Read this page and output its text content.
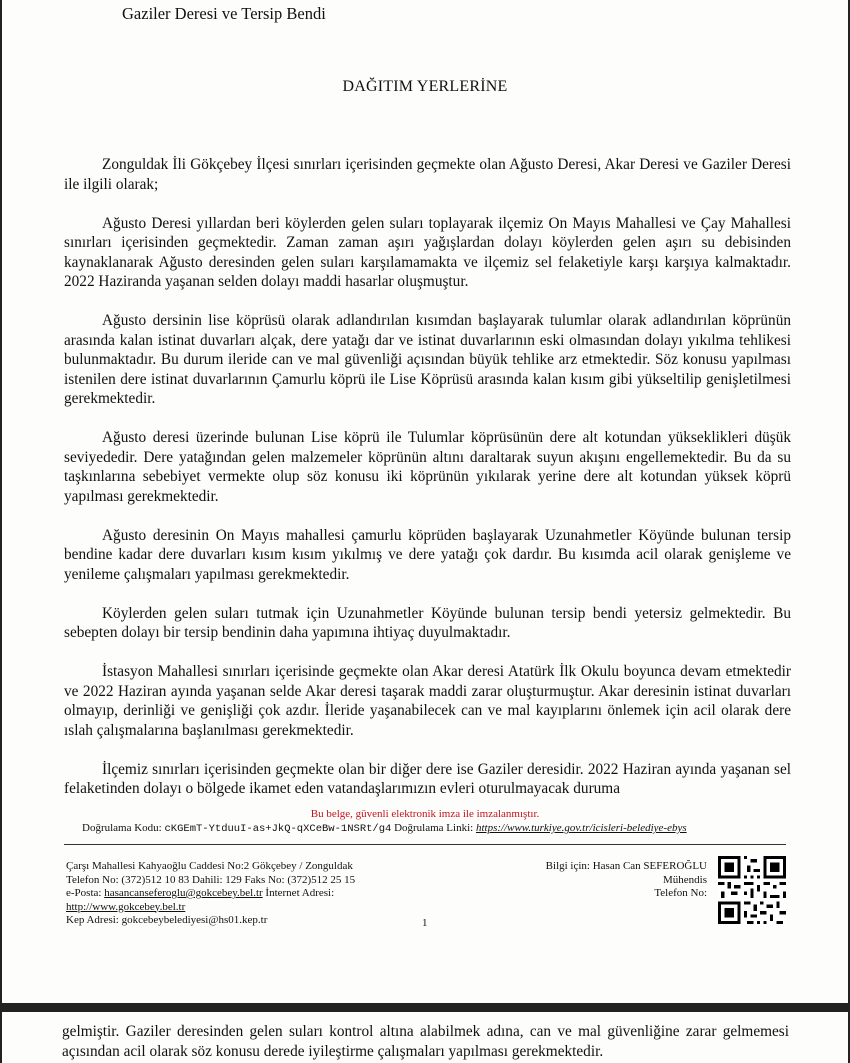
Gaziler Deresi ve Tersip Bendi
DAĞITIM YERLERİNE

Zonguldak İli Gökçebey İlçesi sınırları içerisinden geçmekte olan Ağusto Deresi, Akar Deresi ve Gaziler Deresi ile ilgili olarak;

Ağusto Deresi yıllardan beri köylerden gelen suları toplayarak ilçemiz On Mayıs Mahallesi ve Çay Mahallesi sınırları içerisinden geçmektedir. Zaman zaman aşırı yağışlardan dolayı köylerden gelen aşırı su debisinden kaynaklanarak Ağusto deresinden gelen suları karşılamamakta ve ilçemiz sel felaketiyle karşı karşıya kalmaktadır. 2022 Haziranda yaşanan selden dolayı maddi hasarlar oluşmuştur.

Ağusto dersinin lise köprüsü olarak adlandırılan kısımdan başlayarak tulumlar olarak adlandırılan köprünün arasında kalan istinat duvarları alçak, dere yatağı dar ve istinat duvarlarının eski olmasından dolayı yıkılma tehlikesi bulunmaktadır. Bu durum ileride can ve mal güvenliği açısından büyük tehlike arz etmektedir. Söz konusu yapılması istenilen dere istinat duvarlarının Çamurlu köprü ile Lise Köprüsü arasında kalan kısım gibi yükseltilip genişletilmesi gerekmektedir.

Ağusto deresi üzerinde bulunan Lise köprü ile Tulumlar köprüsünün dere alt kotundan yükseklikleri düşük seviyededir. Dere yatağından gelen malzemeler köprünün altını daraltarak suyun akışını engellemektedir. Bu da su taşkınlarına sebebiyet vermekte olup söz konusu iki köprünün yıkılarak yerine dere alt kotundan yüksek köprü yapılması gerekmektedir.

Ağusto deresinin On Mayıs mahallesi çamurlu köprüden başlayarak Uzunahmetler Köyünde bulunan tersip bendine kadar dere duvarları kısım kısım yıkılmış ve dere yatağı çok dardır. Bu kısımda acil olarak genişleme ve yenileme çalışmaları yapılması gerekmektedir.

Köylerden gelen suları tutmak için Uzunahmetler Köyünde bulunan tersip bendi yetersiz gelmektedir. Bu sebepten dolayı bir tersip bendinin daha yapımına ihtiyaç duyulmaktadır.

İstasyon Mahallesi sınırları içerisinde geçmekte olan Akar deresi Atatürk İlk Okulu boyunca devam etmektedir ve 2022 Haziran ayında yaşanan selde Akar deresi taşarak maddi zarar oluşturmuştur. Akar deresinin istinat duvarları olmayıp, derinliği ve genişliği çok azdır. İleride yaşanabilecek can ve mal kayıplarını önlemek için acil olarak dere ıslah çalışmalarına başlanılması gerekmektedir.

İlçemiz sınırları içerisinden geçmekte olan bir diğer dere ise Gaziler deresidir. 2022 Haziran ayında yaşanan sel felaketinden dolayı o bölgede ikamet eden vatandaşlarımızın evleri oturulmayacak duruma

Bu belge, güvenli elektronik imza ile imzalanmıştır.
Doğrulama Kodu: cKGEmT-YtduuI-as+JkQ-qXCeBw-1NSRt/g4 Doğrulama Linki: https://www.turkiye.gov.tr/icisleri-belediye-ebys
Çarşı Mahallesi Kahyaoğlu Caddesi No:2 Gökçebey / Zonguldak
Telefon No: (372)512 10 83 Dahili: 129 Faks No: (372)512 25 15
e-Posta: hasancanseferoglu@gokcebey.bel.tr İnternet Adresi:
http://www.gokcebey.bel.tr
Kep Adresi: gokcebeybelediyesi@hs01.kep.tr
Bilgi için: Hasan Can SEFEROĞLU
Mühendis
Telefon No:
1
gelmiştir. Gaziler deresinden gelen suları kontrol altına alabilmek adına, can ve mal güvenliğine zarar gelmemesi açısından acil olarak söz konusu derede iyileştirme çalışmaları yapılması gerekmektedir.
